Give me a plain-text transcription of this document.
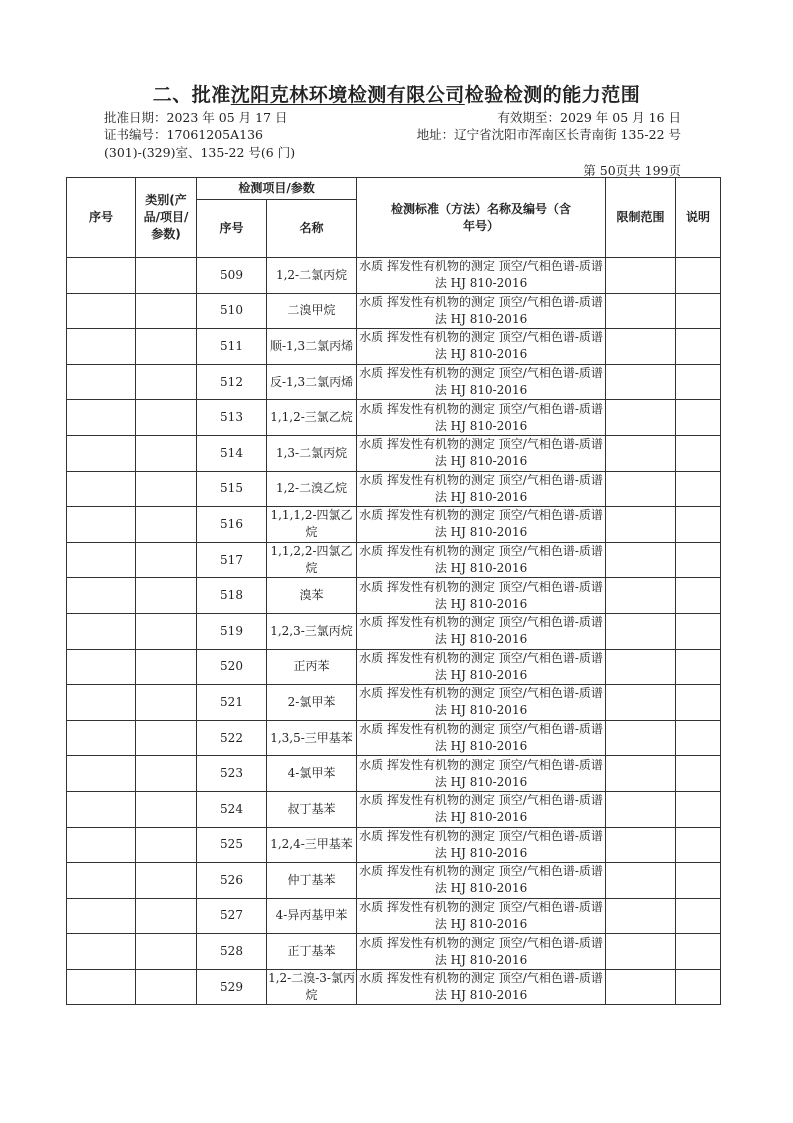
二、批准沈阳克林环境检测有限公司检验检测的能力范围
批准日期：2023 年 05 月 17 日	有效期至：2029 年 05 月 16 日
证书编号：17061205A136	地址：辽宁省沈阳市浑南区长青南街 135-22 号
(301)-(329)室、135-22 号(6 门)
第 50页共 199页
序号	类别(产品/项目/参数)	检测项目/参数		检测标准（方法）名称及编号（含年号）	限制范围	说明
		序号	名称			
		509	1,2-二氯丙烷	水质 挥发性有机物的测定 顶空/气相色谱-质谱法 HJ 810-2016		
		510	二溴甲烷	水质 挥发性有机物的测定 顶空/气相色谱-质谱法 HJ 810-2016		
		511	顺-1,3二氯丙烯	水质 挥发性有机物的测定 顶空/气相色谱-质谱法 HJ 810-2016		
		512	反-1,3二氯丙烯	水质 挥发性有机物的测定 顶空/气相色谱-质谱法 HJ 810-2016		
		513	1,1,2-三氯乙烷	水质 挥发性有机物的测定 顶空/气相色谱-质谱法 HJ 810-2016		
		514	1,3-二氯丙烷	水质 挥发性有机物的测定 顶空/气相色谱-质谱法 HJ 810-2016		
		515	1,2-二溴乙烷	水质 挥发性有机物的测定 顶空/气相色谱-质谱法 HJ 810-2016		
		516	1,1,1,2-四氯乙烷	水质 挥发性有机物的测定 顶空/气相色谱-质谱法 HJ 810-2016		
		517	1,1,2,2-四氯乙烷	水质 挥发性有机物的测定 顶空/气相色谱-质谱法 HJ 810-2016		
		518	溴苯	水质 挥发性有机物的测定 顶空/气相色谱-质谱法 HJ 810-2016		
		519	1,2,3-三氯丙烷	水质 挥发性有机物的测定 顶空/气相色谱-质谱法 HJ 810-2016		
		520	正丙苯	水质 挥发性有机物的测定 顶空/气相色谱-质谱法 HJ 810-2016		
		521	2-氯甲苯	水质 挥发性有机物的测定 顶空/气相色谱-质谱法 HJ 810-2016		
		522	1,3,5-三甲基苯	水质 挥发性有机物的测定 顶空/气相色谱-质谱法 HJ 810-2016		
		523	4-氯甲苯	水质 挥发性有机物的测定 顶空/气相色谱-质谱法 HJ 810-2016		
		524	叔丁基苯	水质 挥发性有机物的测定 顶空/气相色谱-质谱法 HJ 810-2016		
		525	1,2,4-三甲基苯	水质 挥发性有机物的测定 顶空/气相色谱-质谱法 HJ 810-2016		
		526	仲丁基苯	水质 挥发性有机物的测定 顶空/气相色谱-质谱法 HJ 810-2016		
		527	4-异丙基甲苯	水质 挥发性有机物的测定 顶空/气相色谱-质谱法 HJ 810-2016		
		528	正丁基苯	水质 挥发性有机物的测定 顶空/气相色谱-质谱法 HJ 810-2016		
		529	1,2-二溴-3-氯丙烷	水质 挥发性有机物的测定 顶空/气相色谱-质谱法 HJ 810-2016		
